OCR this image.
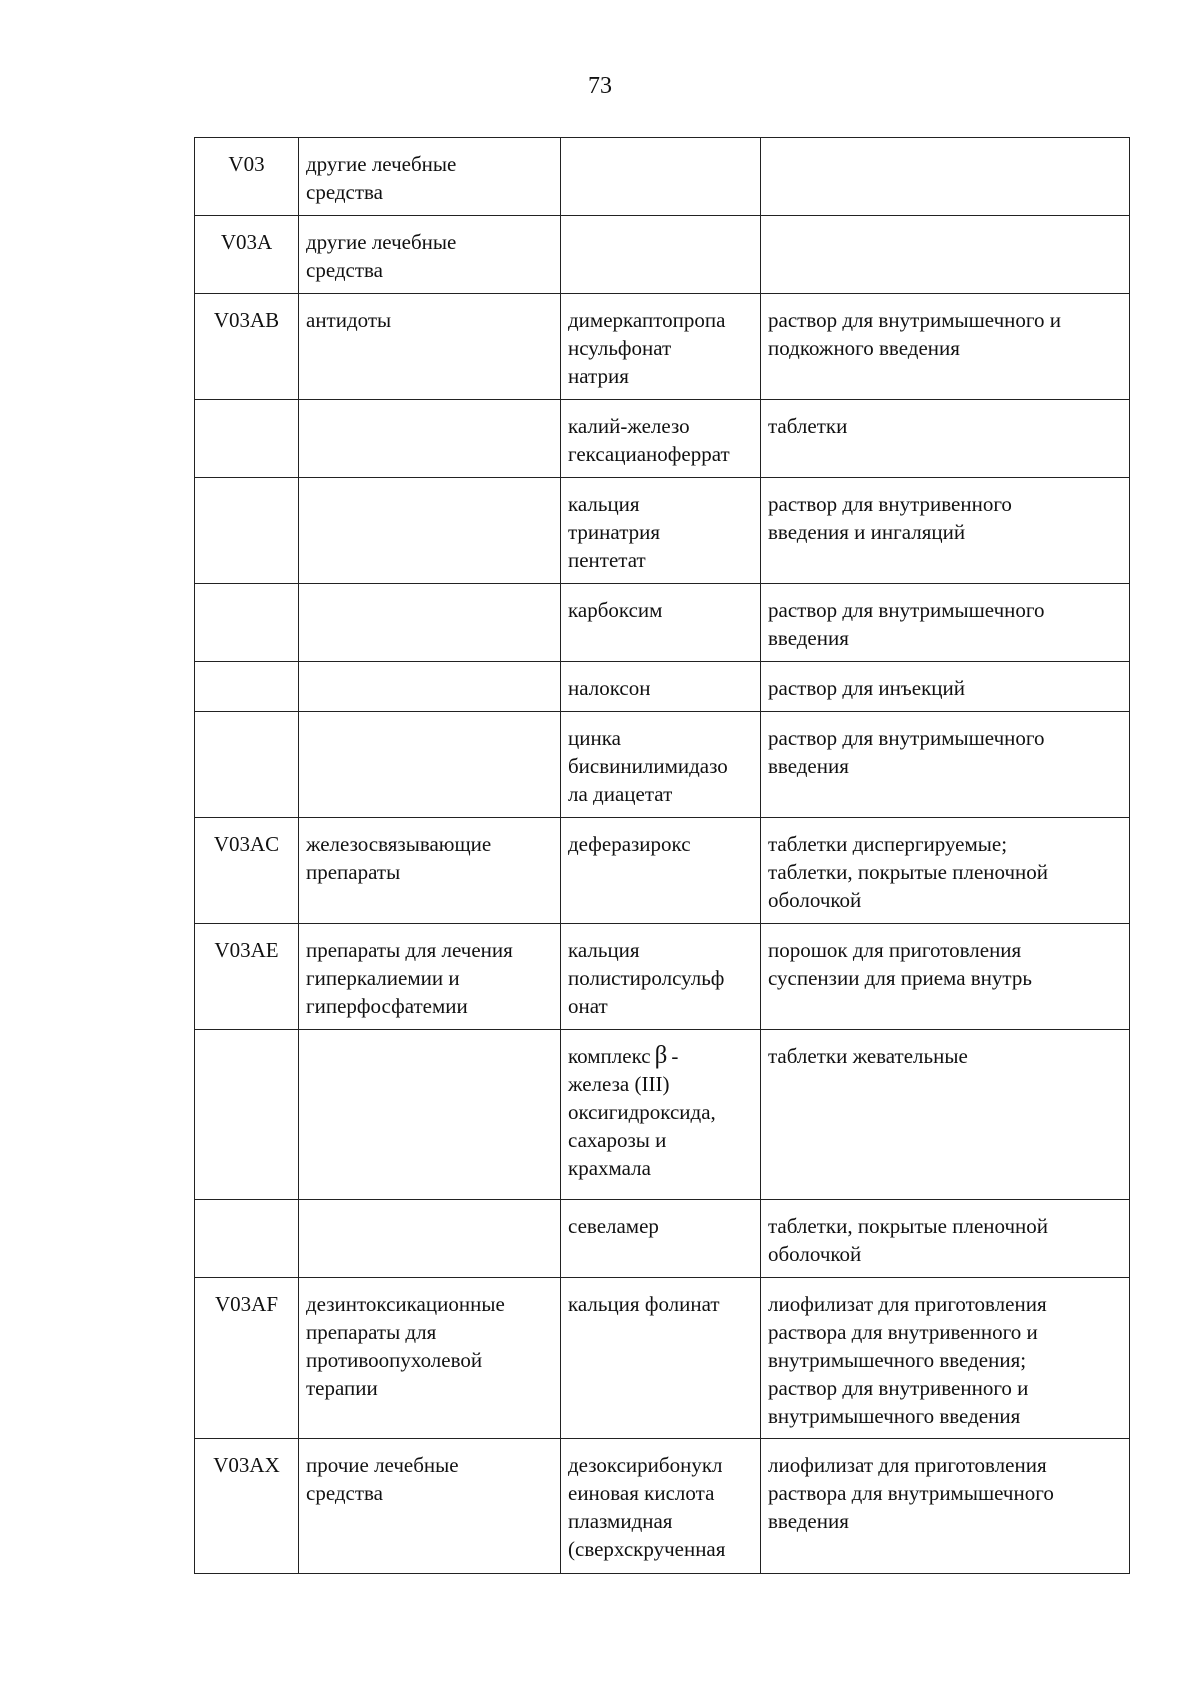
73
V03	другие лечебные
средства		
V03A	другие лечебные
средства		
V03AB	антидоты	димеркаптопропа
нсульфонат
натрия	раствор для внутримышечного и
подкожного введения
		калий-железо
гексацианоферрат	таблетки
		кальция
тринатрия
пентетат	раствор для внутривенного
введения и ингаляций
		карбоксим	раствор для внутримышечного
введения
		налоксон	раствор для инъекций
		цинка
бисвинилимидазо
ла диацетат	раствор для внутримышечного
введения
V03AC	железосвязывающие
препараты	деферазирокс	таблетки диспергируемые;
таблетки, покрытые пленочной
оболочкой
V03AE	препараты для лечения
гиперкалиемии и
гиперфосфатемии	кальция
полистиролсульф
онат	порошок для приготовления
суспензии для приема внутрь
		комплекс β -
железа (III)
оксигидроксида,
сахарозы и
крахмала	таблетки жевательные
		севеламер	таблетки, покрытые пленочной
оболочкой
V03AF	дезинтоксикационные
препараты для
противоопухолевой
терапии	кальция фолинат	лиофилизат для приготовления
раствора для внутривенного и
внутримышечного введения;
раствор для внутривенного и
внутримышечного введения
V03AX	прочие лечебные
средства	дезоксирибонукл
еиновая кислота
плазмидная
(сверхскрученная	лиофилизат для приготовления
раствора для внутримышечного
введения
